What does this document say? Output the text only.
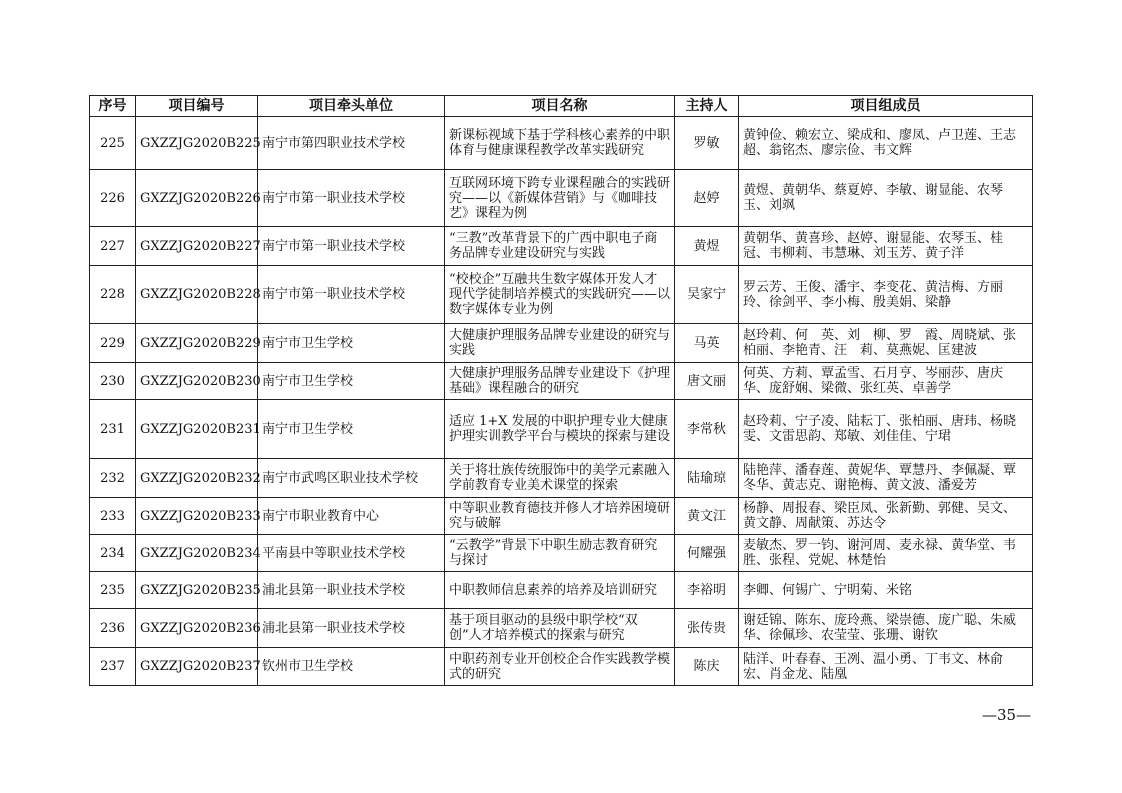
序号	项目编号	项目牵头单位	项目名称	主持人	项目组成员
225	GXZZJG2020B225	南宁市第四职业技术学校	新课标视域下基于学科核心素养的中职体育与健康课程教学改革实践研究	罗敏	黄钟俭、赖宏立、梁成和、廖凤、卢卫莲、王志超、翁铭杰、廖宗俭、韦文辉
226	GXZZJG2020B226	南宁市第一职业技术学校	互联网环境下跨专业课程融合的实践研究——以《新媒体营销》与《咖啡技艺》课程为例	赵婷	黄煜、黄朝华、蔡夏婷、李敏、谢显能、农琴玉、刘飒
227	GXZZJG2020B227	南宁市第一职业技术学校	“三教”改革背景下的广西中职电子商务品牌专业建设研究与实践	黄煜	黄朝华、黄喜珍、赵婷、谢显能、农琴玉、桂冠、韦柳莉、韦慧琳、刘玉芳、黄子洋
228	GXZZJG2020B228	南宁市第一职业技术学校	“校校企”互融共生数字媒体开发人才现代学徒制培养模式的实践研究——以数字媒体专业为例	吴家宁	罗云芳、王俊、潘宇、李变花、黄洁梅、方丽玲、徐剑平、李小梅、殷美娟、梁静
229	GXZZJG2020B229	南宁市卫生学校	大健康护理服务品牌专业建设的研究与实践	马英	赵玲莉、何　英、刘　柳、罗　霞、周晓斌、张柏丽、李艳青、汪　莉、莫燕妮、匡建波
230	GXZZJG2020B230	南宁市卫生学校	大健康护理服务品牌专业建设下《护理基础》课程融合的研究	唐文丽	何英、方莉、覃孟雪、石月亨、岑丽莎、唐庆华、庞舒娴、梁微、张红英、卓善学
231	GXZZJG2020B231	南宁市卫生学校	适应 1+X 发展的中职护理专业大健康护理实训教学平台与模块的探索与建设	李常秋	赵玲莉、宁子凌、陆耘丁、张柏丽、唐玮、杨晓雯、文雷思韵、郑敏、刘佳佳、宁珺
232	GXZZJG2020B232	南宁市武鸣区职业技术学校	关于将壮族传统服饰中的美学元素融入学前教育专业美术课堂的探索	陆瑜琼	陆艳萍、潘春莲、黄妮华、覃慧丹、李佩凝、覃冬华、黄志克、谢艳梅、黄文波、潘爱芳
233	GXZZJG2020B233	南宁市职业教育中心	中等职业教育德技并修人才培养困境研究与破解	黄文江	杨静、周报春、梁臣凤、张新勤、郭健、吴文、黄文静、周献策、苏达令
234	GXZZJG2020B234	平南县中等职业技术学校	“云教学”背景下中职生励志教育研究与探讨	何耀强	麦敏杰、罗一钧、谢河周、麦永禄、黄华堂、韦胜、张程、党妮、林楚怡
235	GXZZJG2020B235	浦北县第一职业技术学校	中职教师信息素养的培养及培训研究	李裕明	李卿、何锡广、宁明菊、米铭
236	GXZZJG2020B236	浦北县第一职业技术学校	基于项目驱动的县级中职学校“双创”人才培养模式的探索与研究	张传贵	谢廷锦、陈东、庞玲燕、梁崇德、庞广聪、朱威华、徐佩珍、农莹莹、张珊、谢钦
237	GXZZJG2020B237	钦州市卫生学校	中职药剂专业开创校企合作实践教学模式的研究	陈庆	陆洋、叶春春、王冽、温小勇、丁韦文、林俞宏、肖金龙、陆凰
—35—
